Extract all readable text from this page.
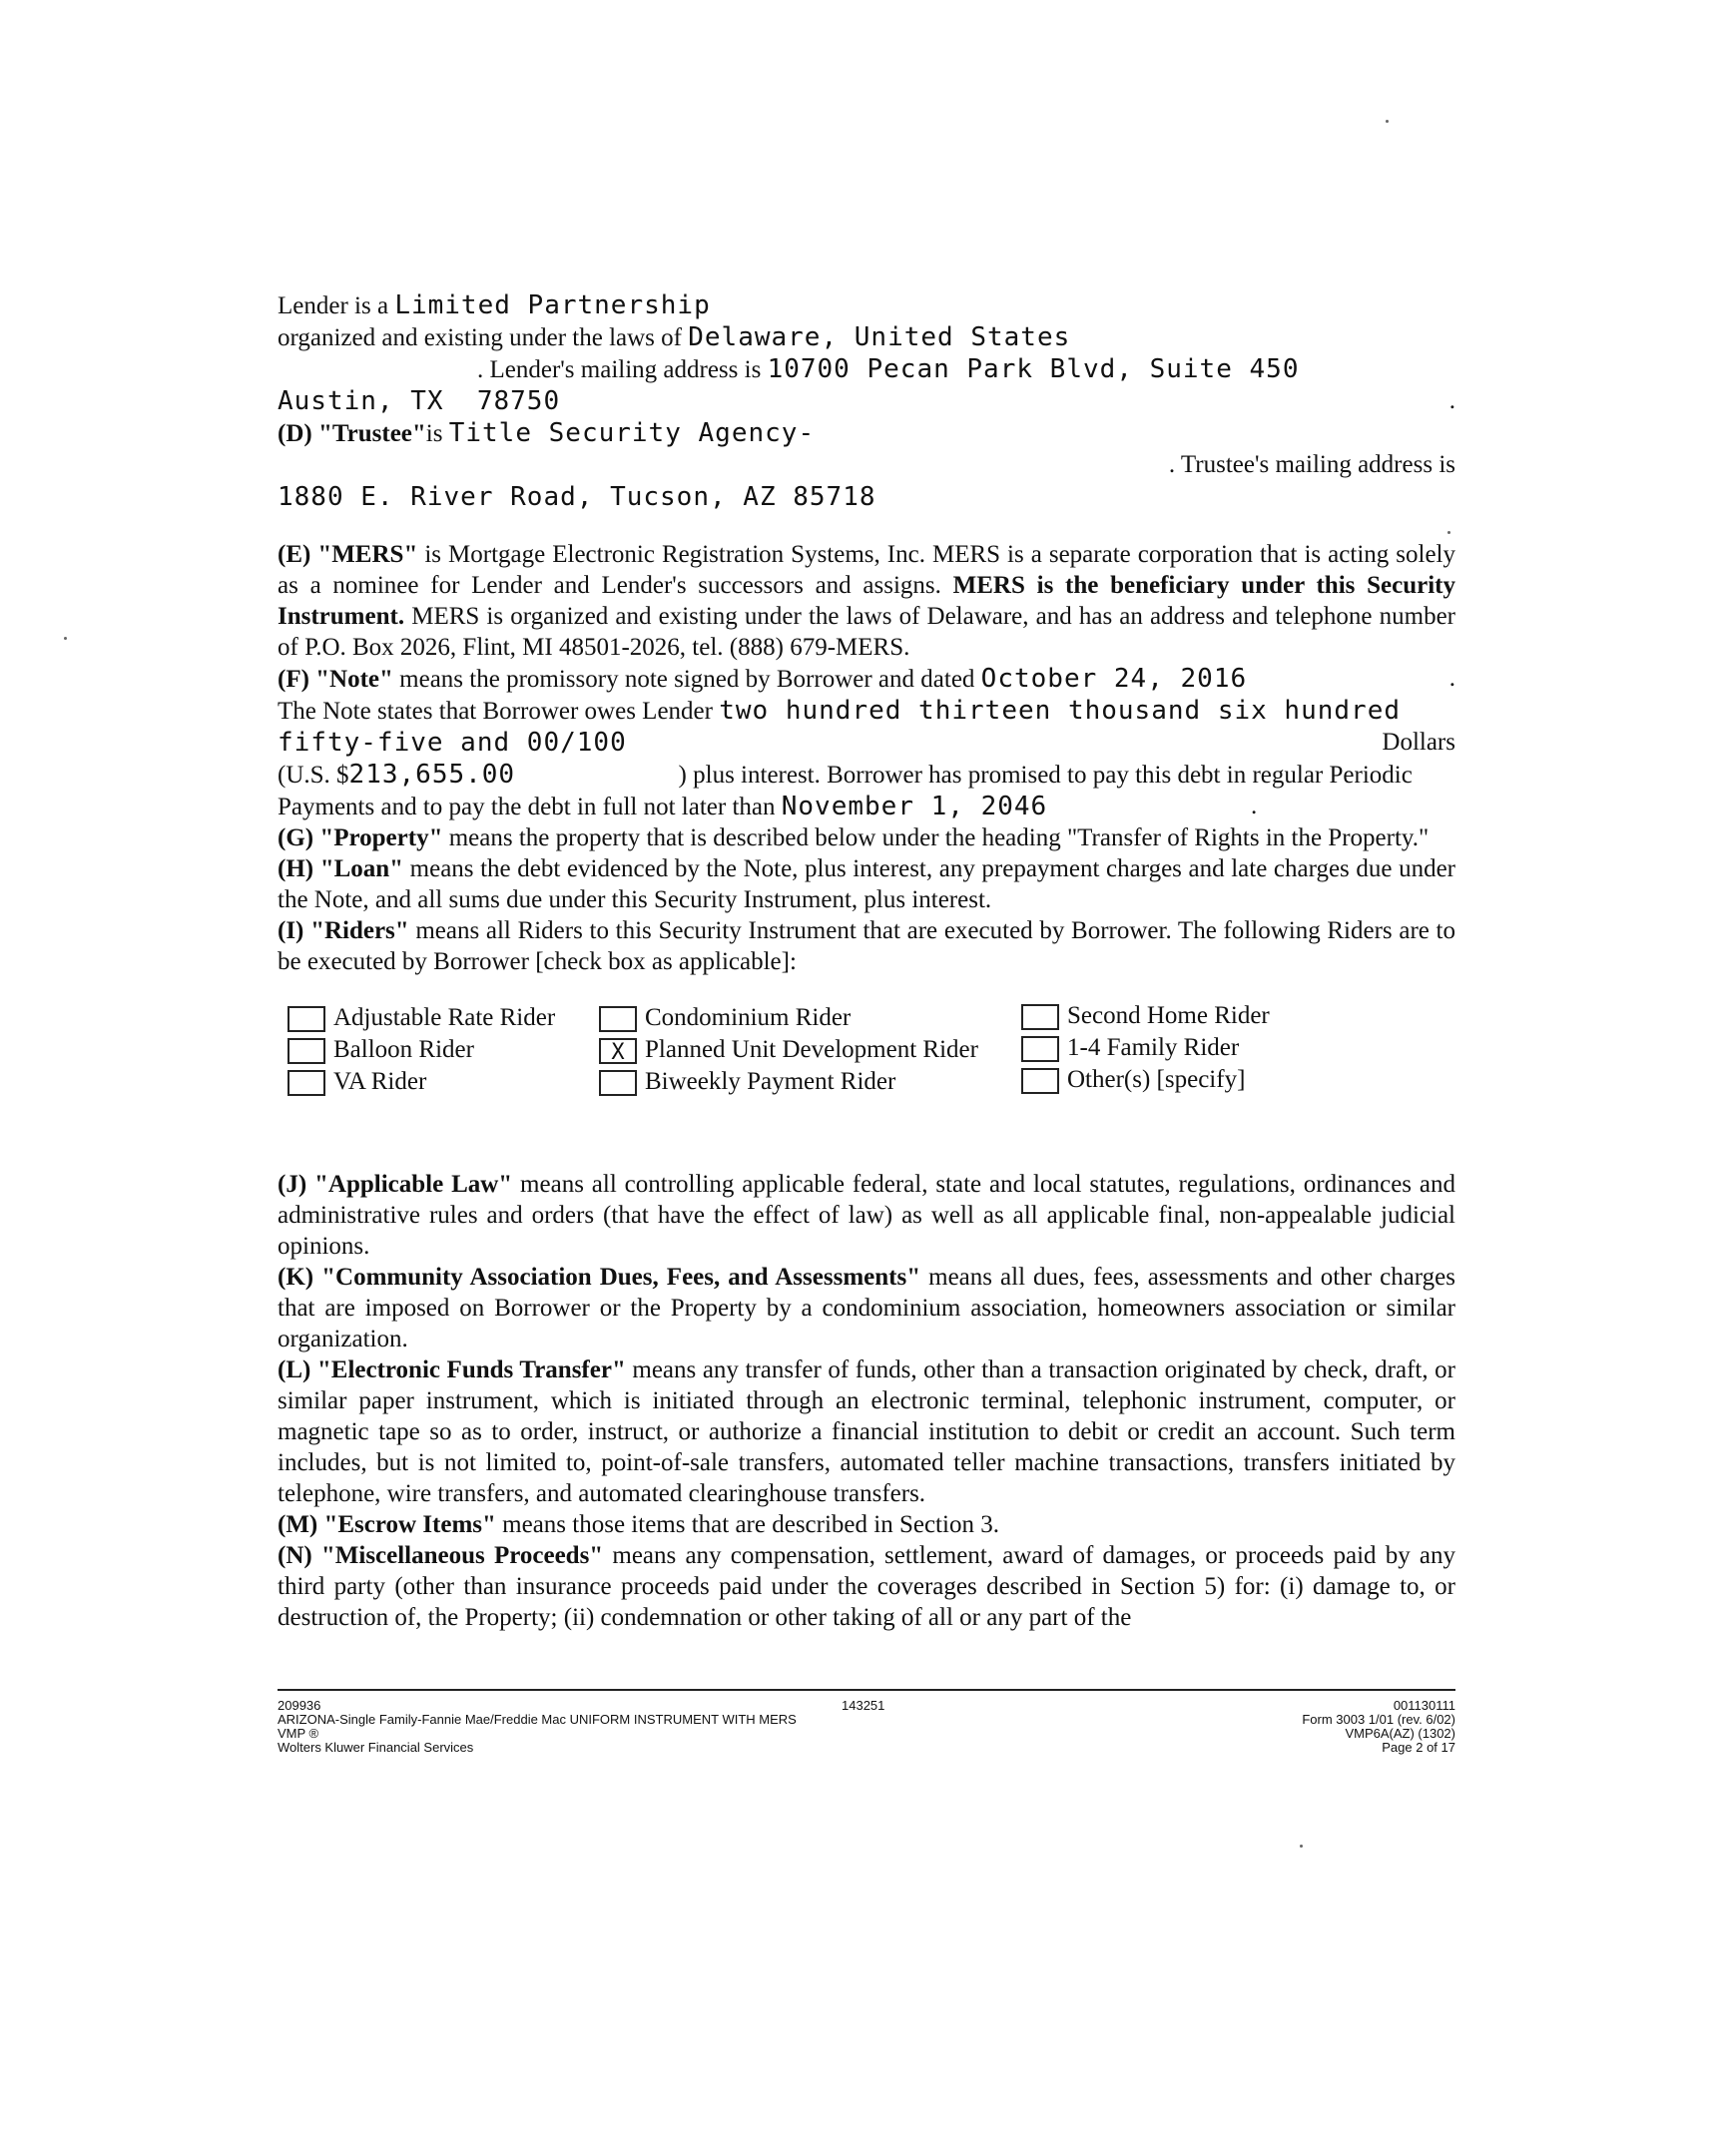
Lender is a Limited Partnership
organized and existing under the laws of Delaware, United States
. Lender's mailing address is 10700 Pecan Park Blvd, Suite 450
Austin, TX  78750	.
(D) "Trustee"is Title Security Agency-
. Trustee's mailing address is
1880 E. River Road, Tucson, AZ 85718

(E) "MERS" is Mortgage Electronic Registration Systems, Inc. MERS is a separate corporation that is acting solely as a nominee for Lender and Lender's successors and assigns. MERS is the beneficiary under this Security Instrument. MERS is organized and existing under the laws of Delaware, and has an address and telephone number of P.O. Box 2026, Flint, MI 48501-2026, tel. (888) 679-MERS.

(F) "Note" means the promissory note signed by Borrower and dated October 24, 2016	.
The Note states that Borrower owes Lender two hundred thirteen thousand six hundred
fifty-five and 00/100	Dollars
(U.S. $213,655.00	) plus interest. Borrower has promised to pay this debt in regular Periodic
Payments and to pay the debt in full not later than November 1, 2046	.

(G) "Property" means the property that is described below under the heading "Transfer of Rights in the Property."

(H) "Loan" means the debt evidenced by the Note, plus interest, any prepayment charges and late charges due under the Note, and all sums due under this Security Instrument, plus interest.

(I) "Riders" means all Riders to this Security Instrument that are executed by Borrower. The following Riders are to be executed by Borrower [check box as applicable]:

Adjustable Rate Rider
Balloon Rider
VA Rider
Condominium Rider
X Planned Unit Development Rider
Biweekly Payment Rider
Second Home Rider
1-4 Family Rider
Other(s) [specify]

(J) "Applicable Law" means all controlling applicable federal, state and local statutes, regulations, ordinances and administrative rules and orders (that have the effect of law) as well as all applicable final, non-appealable judicial opinions.

(K) "Community Association Dues, Fees, and Assessments" means all dues, fees, assessments and other charges that are imposed on Borrower or the Property by a condominium association, homeowners association or similar organization.

(L) "Electronic Funds Transfer" means any transfer of funds, other than a transaction originated by check, draft, or similar paper instrument, which is initiated through an electronic terminal, telephonic instrument, computer, or magnetic tape so as to order, instruct, or authorize a financial institution to debit or credit an account. Such term includes, but is not limited to, point-of-sale transfers, automated teller machine transactions, transfers initiated by telephone, wire transfers, and automated clearinghouse transfers.

(M) "Escrow Items" means those items that are described in Section 3.

(N) "Miscellaneous Proceeds" means any compensation, settlement, award of damages, or proceeds paid by any third party (other than insurance proceeds paid under the coverages described in Section 5) for: (i) damage to, or destruction of, the Property; (ii) condemnation or other taking of all or any part of the

209936
ARIZONA-Single Family-Fannie Mae/Freddie Mac UNIFORM INSTRUMENT WITH MERS
VMP ®
Wolters Kluwer Financial Services
143251	001130111
Form 3003 1/01 (rev. 6/02)
VMP6A(AZ) (1302)
Page 2 of 17
